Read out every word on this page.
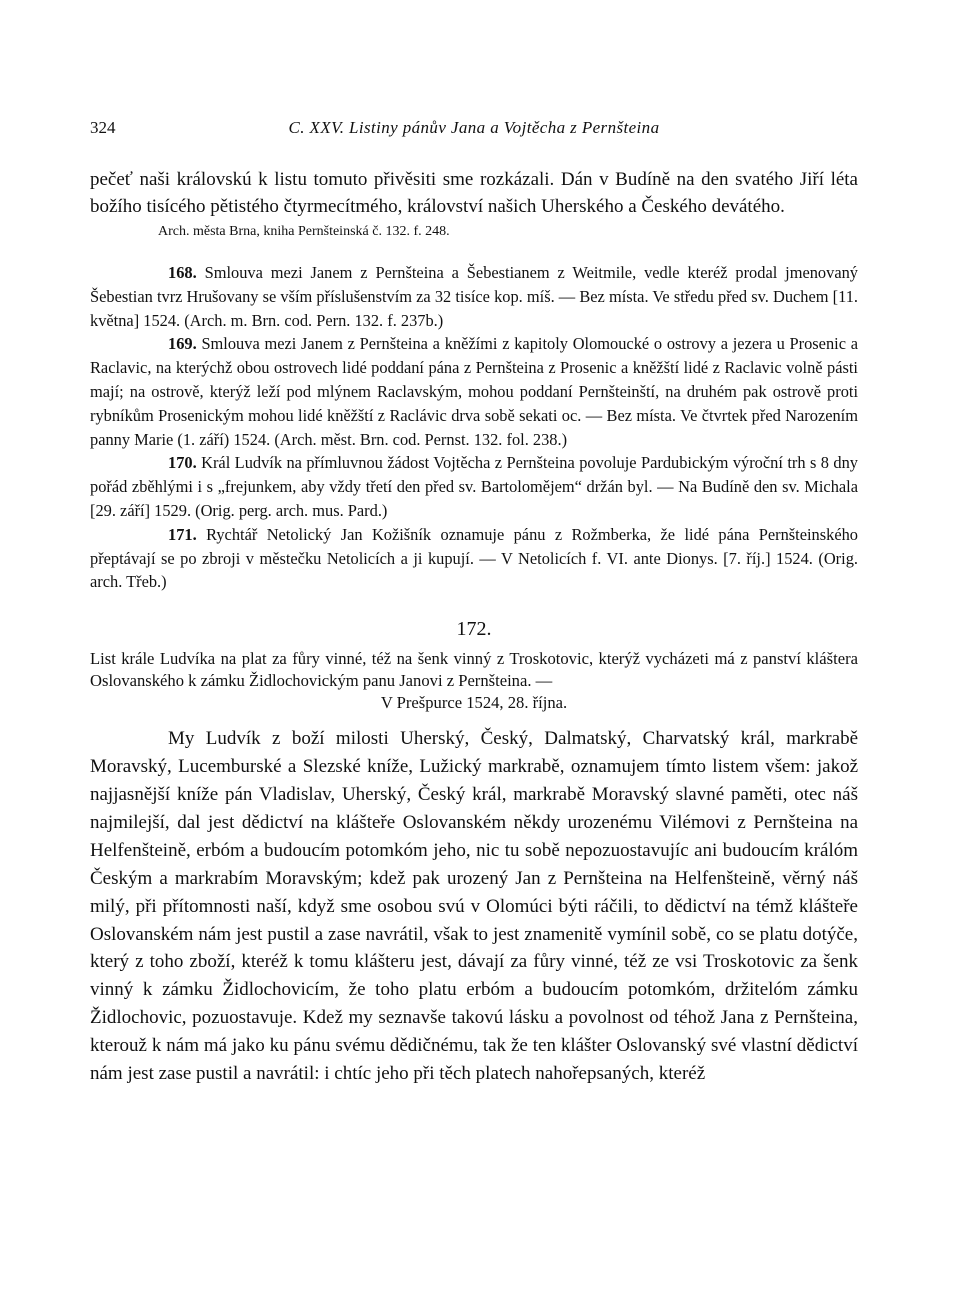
324	C. XXV. Listiny pánův Jana a Vojtěcha z Pernšteina
pečeť naši královskú k listu tomuto přivěsiti sme rozkázali. Dán v Budíně na den svatého Jiří léta božího tisícého pětistého čtyrmecítmého, království našich Uherského a Českého devátého.
Arch. města Brna, kniha Pernšteinská č. 132. f. 248.

168. Smlouva mezi Janem z Pernšteina a Šebestianem z Weitmile, vedle kteréž prodal jmenovaný Šebestian tvrz Hrušovany se vším příslušenstvím za 32 tisíce kop. míš. — Bez místa. Ve středu před sv. Duchem [11. května] 1524. (Arch. m. Brn. cod. Pern. 132. f. 237b.)

169. Smlouva mezi Janem z Pernšteina a kněžími z kapitoly Olomoucké o ostrovy a jezera u Prosenic a Raclavic, na kterýchž obou ostrovech lidé poddaní pána z Pernšteina z Prosenic a kněžští lidé z Raclavic volně pásti mají; na ostrově, kterýž leží pod mlýnem Raclavským, mohou poddaní Pernšteinští, na druhém pak ostrově proti rybníkům Prosenickým mohou lidé kněžští z Raclávic drva sobě sekati oc. — Bez místa. Ve čtvrtek před Narozením panny Marie (1. září) 1524. (Arch. měst. Brn. cod. Pernst. 132. fol. 238.)

170. Král Ludvík na přímluvnou žádost Vojtěcha z Pernšteina povoluje Pardubickým výroční trh s 8 dny pořád zběhlými i s „frejunkem, aby vždy třetí den před sv. Bartolomějem“ držán byl. — Na Budíně den sv. Michala [29. září] 1529. (Orig. perg. arch. mus. Pard.)

171. Rychtář Netolický Jan Kožišník oznamuje pánu z Rožmberka, že lidé pána Pernšteinského přeptávají se po zbroji v městečku Netolicích a ji kupují. — V Netolicích f. VI. ante Dionys. [7. říj.] 1524. (Orig. arch. Třeb.)

172.
List krále Ludvíka na plat za fůry vinné, též na šenk vinný z Troskotovic, kterýž vycházeti má z panství kláštera Oslovanského k zámku Židlochovickým panu Janovi z Pernšteina. —
V Prešpurce 1524, 28. října.
My Ludvík z boží milosti Uherský, Český, Dalmatský, Charvatský král, markrabě Moravský, Lucemburské a Slezské kníže, Lužický markrabě, oznamujem tímto listem všem: jakož najjasnější kníže pán Vladislav, Uherský, Český král, markrabě Moravský slavné paměti, otec náš najmilejší, dal jest dědictví na klášteře Oslovanském někdy urozenému Vilémovi z Pernšteina na Helfenšteině, erbóm a budoucím potomkóm jeho, nic tu sobě nepozuostavujíc ani budoucím králóm Českým a markrabím Moravským; kdež pak urozený Jan z Pernšteina na Helfenšteině, věrný náš milý, při přítomnosti naší, když sme osobou svú v Olomúci býti ráčili, to dědictví na témž klášteře Oslovanském nám jest pustil a zase navrátil, však to jest znamenitě vymínil sobě, co se platu dotýče, který z toho zboží, kteréž k tomu klášteru jest, dávají za fůry vinné, též ze vsi Troskotovic za šenk vinný k zámku Židlochovicím, že toho platu erbóm a budoucím potomkóm, držitelóm zámku Židlochovic, pozuostavuje. Kdež my seznavše takovú lásku a povolnost od téhož Jana z Pernšteina, kterouž k nám má jako ku pánu svému dědičnému, tak že ten klášter Oslovanský své vlastní dědictví nám jest zase pustil a navrátil: i chtíc jeho při těch platech nahořepsaných, kteréž
